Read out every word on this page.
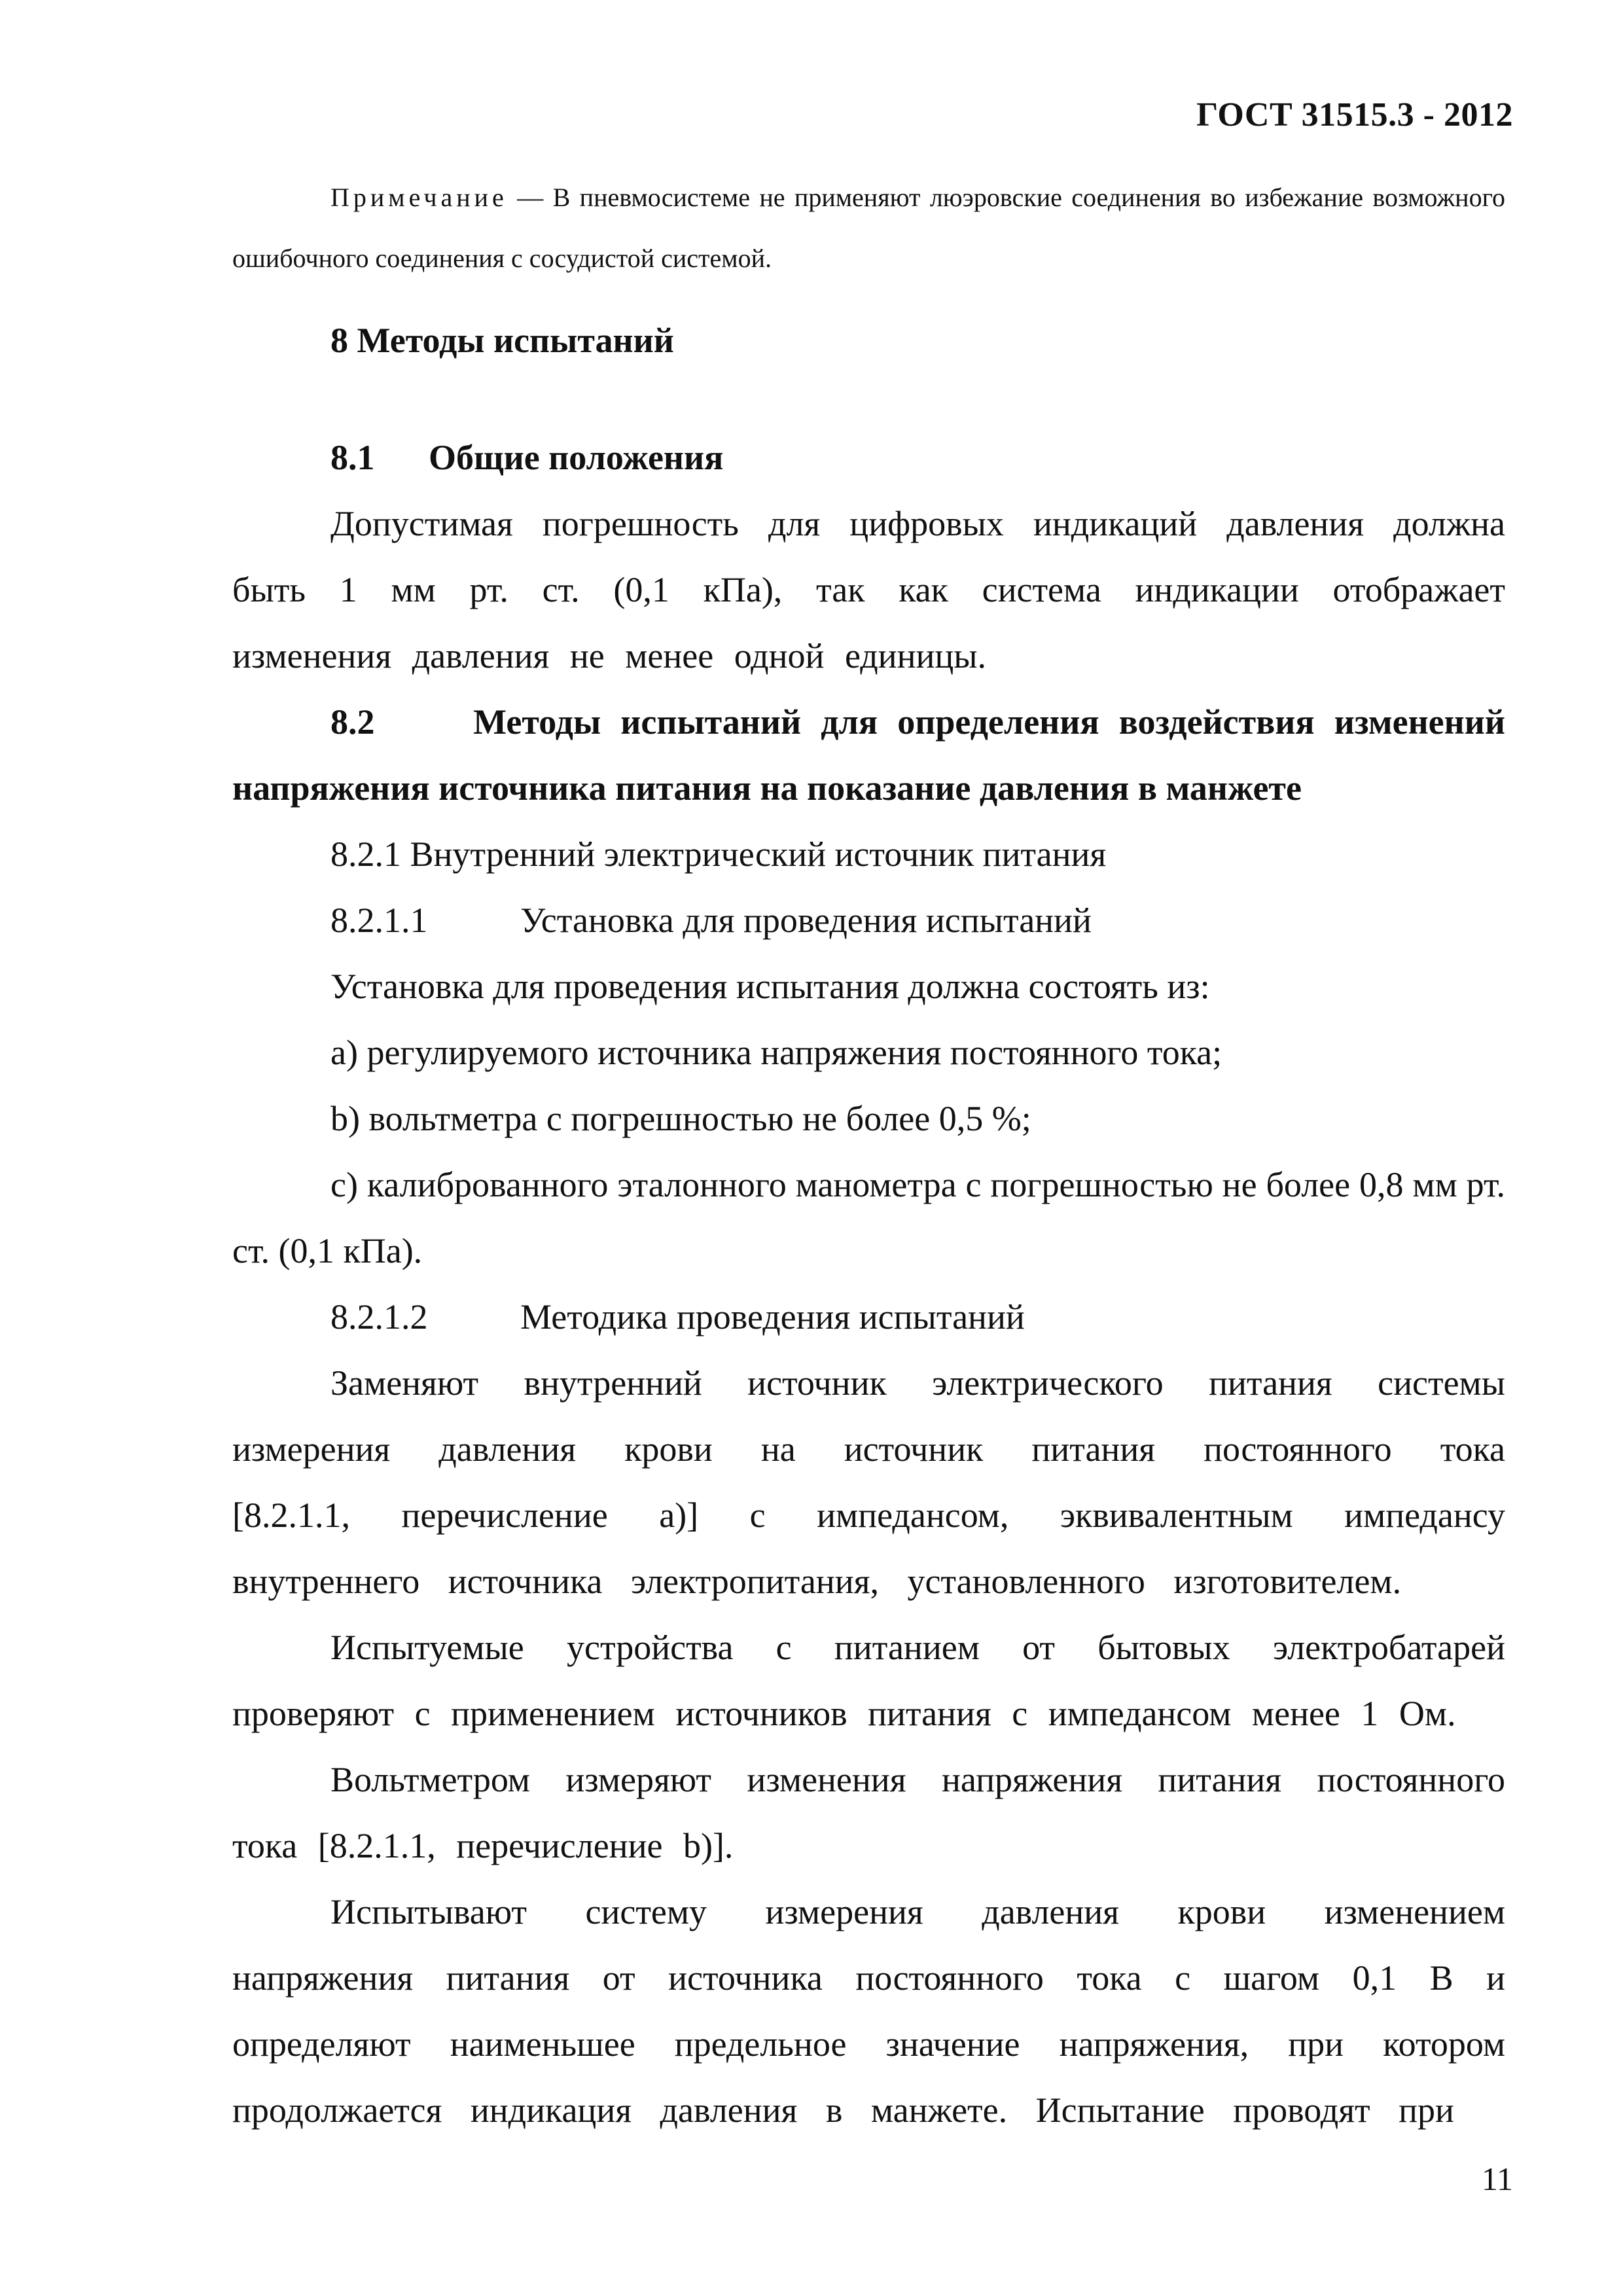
ГОСТ 31515.3 - 2012
Примечание — В пневмосистеме не применяют люэровские соединения во избежание возможного ошибочного соединения с сосудистой системой.

8 Методы испытаний

8.1 Общие положения

Допустимая погрешность для цифровых индикаций давления должна быть 1 мм рт. ст. (0,1 кПа), так как система индикации отображает изменения давления не менее одной единицы.

8.2	Методы испытаний для определения воздействия изменений напряжения источника питания на показание давления в манжете

8.2.1 Внутренний электрический источник питания

8.2.1.1	Установка для проведения испытаний

Установка для проведения испытания должна состоять из:

a) регулируемого источника напряжения постоянного тока;

b) вольтметра с погрешностью не более 0,5 %;

c) калиброванного эталонного манометра с погрешностью не более 0,8 мм рт. ст. (0,1 кПа).

8.2.1.2	Методика проведения испытаний

Заменяют внутренний источник электрического питания системы измерения давления крови на источник питания постоянного тока [8.2.1.1, перечисление а)] с импедансом, эквивалентным импедансу внутреннего источника электропитания, установленного изготовителем.

Испытуемые устройства с питанием от бытовых электробатарей проверяют с применением источников питания с импедансом менее 1 Ом.

Вольтметром измеряют изменения напряжения питания постоянного тока [8.2.1.1, перечисление b)].

Испытывают систему измерения давления крови изменением напряжения питания от источника постоянного тока с шагом 0,1 В и определяют наименьшее предельное значение напряжения, при котором продолжается индикация давления в манжете. Испытание проводят при

11
